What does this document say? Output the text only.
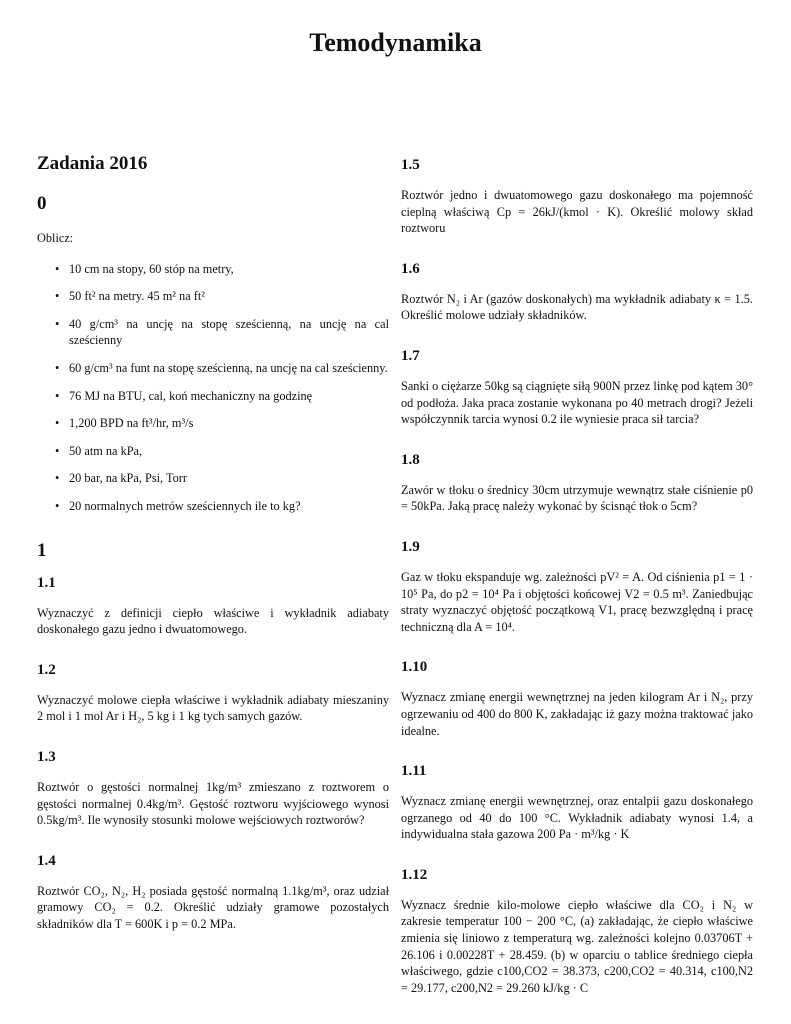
Temodynamika
Zadania 2016
0

Oblicz:

• 10 cm na stopy, 60 stóp na metry,
• 50 ft² na metry. 45 m² na ft²
• 40 g/cm³ na uncję na stopę sześcienną, na uncję na cal sześcienny
• 60 g/cm³ na funt na stopę sześcienną, na uncję na cal sześcienny.
• 76 MJ na BTU, cal, koń mechaniczny na godzinę
• 1,200 BPD na ft³/hr, m³/s
• 50 atm na kPa,
• 20 bar, na kPa, Psi, Torr
• 20 normalnych metrów sześciennych ile to kg?
1
1.1

Wyznaczyć z definicji ciepło właściwe i wykładnik adiabaty doskonałego gazu jedno i dwuatomowego.

1.2

Wyznaczyć molowe ciepła właściwe i wykładnik adiabaty mieszaniny 2 mol i 1 mol Ar i H₂, 5 kg i 1 kg tych samych gazów.

1.3

Roztwór o gęstości normalnej 1kg/m³ zmieszano z roztworem o gęstości normalnej 0.4kg/m³. Gęstość roztworu wyjściowego wynosi 0.5kg/m³. Ile wynosiły stosunki molowe wejściowych roztworów?

1.4

Roztwór CO₂, N₂, H₂ posiada gęstość normalną 1.1kg/m³, oraz udział gramowy CO₂ = 0.2. Określić udziały gramowe pozostałych składników dla T = 600K i p = 0.2 MPa.

1.5

Roztwór jedno i dwuatomowego gazu doskonałego ma pojemność cieplną właściwą Cp = 26kJ/(kmol · K). Określić molowy skład roztworu

1.6

Roztwór N₂ i Ar (gazów doskonałych) ma wykładnik adiabaty κ = 1.5. Określić molowe udziały składników.

1.7

Sanki o ciężarze 50kg są ciągnięte siłą 900N przez linkę pod kątem 30° od podłoża. Jaka praca zostanie wykonana po 40 metrach drogi? Jeżeli współczynnik tarcia wynosi 0.2 ile wyniesie praca sił tarcia?

1.8

Zawór w tłoku o średnicy 30cm utrzymuje wewnątrz stałe ciśnienie p0 = 50kPa. Jaką pracę należy wykonać by ścisnąć tłok o 5cm?

1.9

Gaz w tłoku ekspanduje wg. zależności pV² = A. Od ciśnienia p1 = 1 · 10⁵ Pa, do p2 = 10⁴ Pa i objętości końcowej V2 = 0.5 m³. Zaniedbując straty wyznaczyć objętość początkową V1, pracę bezwzględną i pracę techniczną dla A = 10⁴.

1.10

Wyznacz zmianę energii wewnętrznej na jeden kilogram Ar i N₂, przy ogrzewaniu od 400 do 800 K, zakładając iż gazy można traktować jako idealne.

1.11

Wyznacz zmianę energii wewnętrznej, oraz entalpii gazu doskonałego ogrzanego od 40 do 100 °C. Wykładnik adiabaty wynosi 1.4, a indywidualna stała gazowa 200 Pa · m³/kg · K

1.12

Wyznacz średnie kilo-molowe ciepło właściwe dla CO₂ i N₂ w zakresie temperatur 100 − 200 °C, (a) zakładając, że ciepło właściwe zmienia się liniowo z temperaturą wg. zależności kolejno 0.03706T + 26.106 i 0.00228T + 28.459. (b) w oparciu o tablice średniego ciepła właściwego, gdzie c100,CO2 = 38.373, c200,CO2 = 40.314, c100,N2 = 29.177, c200,N2 = 29.260 kJ/kg · C
